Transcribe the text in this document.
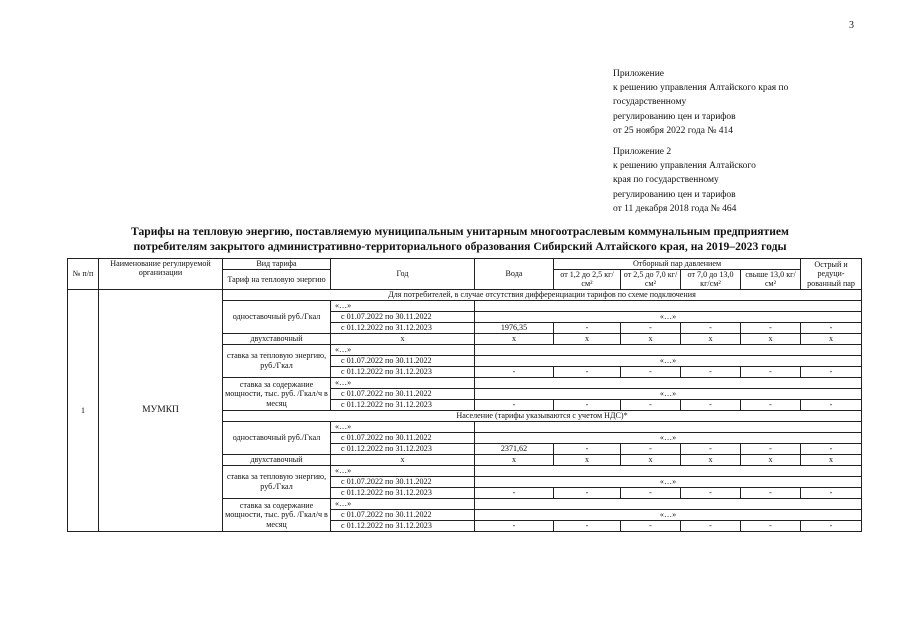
3
Приложение
к решению управления Алтайского края по
государственному
регулированию цен и тарифов
от 25 ноября 2022 года № 414
Приложение 2
к решению управления Алтайского
края по государственному
регулированию цен и тарифов
от 11 декабря 2018 года № 464
Тарифы на тепловую энергию, поставляемую муниципальным унитарным многоотраслевым коммунальным предприятием
потребителям закрытого административно-территориального образования Сибирский Алтайского края, на 2019–2023 годы
№ п/п	Наименование регулируемой организации	Вид тарифа	Год	Вода	Отборный пар давлением				Острый и редуци-рованный пар
		Тариф на тепловую энергию			от 1,2 до 2,5 кг/см²	от 2,5 до 7,0 кг/см²	от 7,0 до 13,0 кг/см²	свыше 13,0 кг/см²	
1	МУМКП	Для потребителей, в случае отсутствия дифференциации тарифов по схеме подключения							
		одноставочный руб./Гкал	«…»						
			с 01.07.2022 по 30.11.2022	«…»					
			с 01.12.2022 по 31.12.2023	1976,35	-	-	-	-	-
		двухставочный	x	x	x	x	x	x	x
		ставка за тепловую энергию, руб./Гкал	«…»						
			с 01.07.2022 по 30.11.2022	«…»					
			с 01.12.2022 по 31.12.2023	-	-	-	-	-	-
		ставка за содержание мощности, тыс. руб. /Гкал/ч в месяц	«…»						
			с 01.07.2022 по 30.11.2022	«…»					
			с 01.12.2022 по 31.12.2023	-	-	-	-	-	-
		Население (тарифы указываются с учетом НДС)*							
		одноставочный руб./Гкал	«…»						
			с 01.07.2022 по 30.11.2022	«…»					
			с 01.12.2022 по 31.12.2023	2371,62	-	-	-	-	-
		двухставочный	x	x	x	x	x	x	x
		ставка за тепловую энергию, руб./Гкал	«…»						
			с 01.07.2022 по 30.11.2022	«…»					
			с 01.12.2022 по 31.12.2023	-	-	-	-	-	-
		ставка за содержание мощности, тыс. руб. /Гкал/ч в месяц	«…»						
			с 01.07.2022 по 30.11.2022	«…»					
			с 01.12.2022 по 31.12.2023	-	-	-	-	-	-
